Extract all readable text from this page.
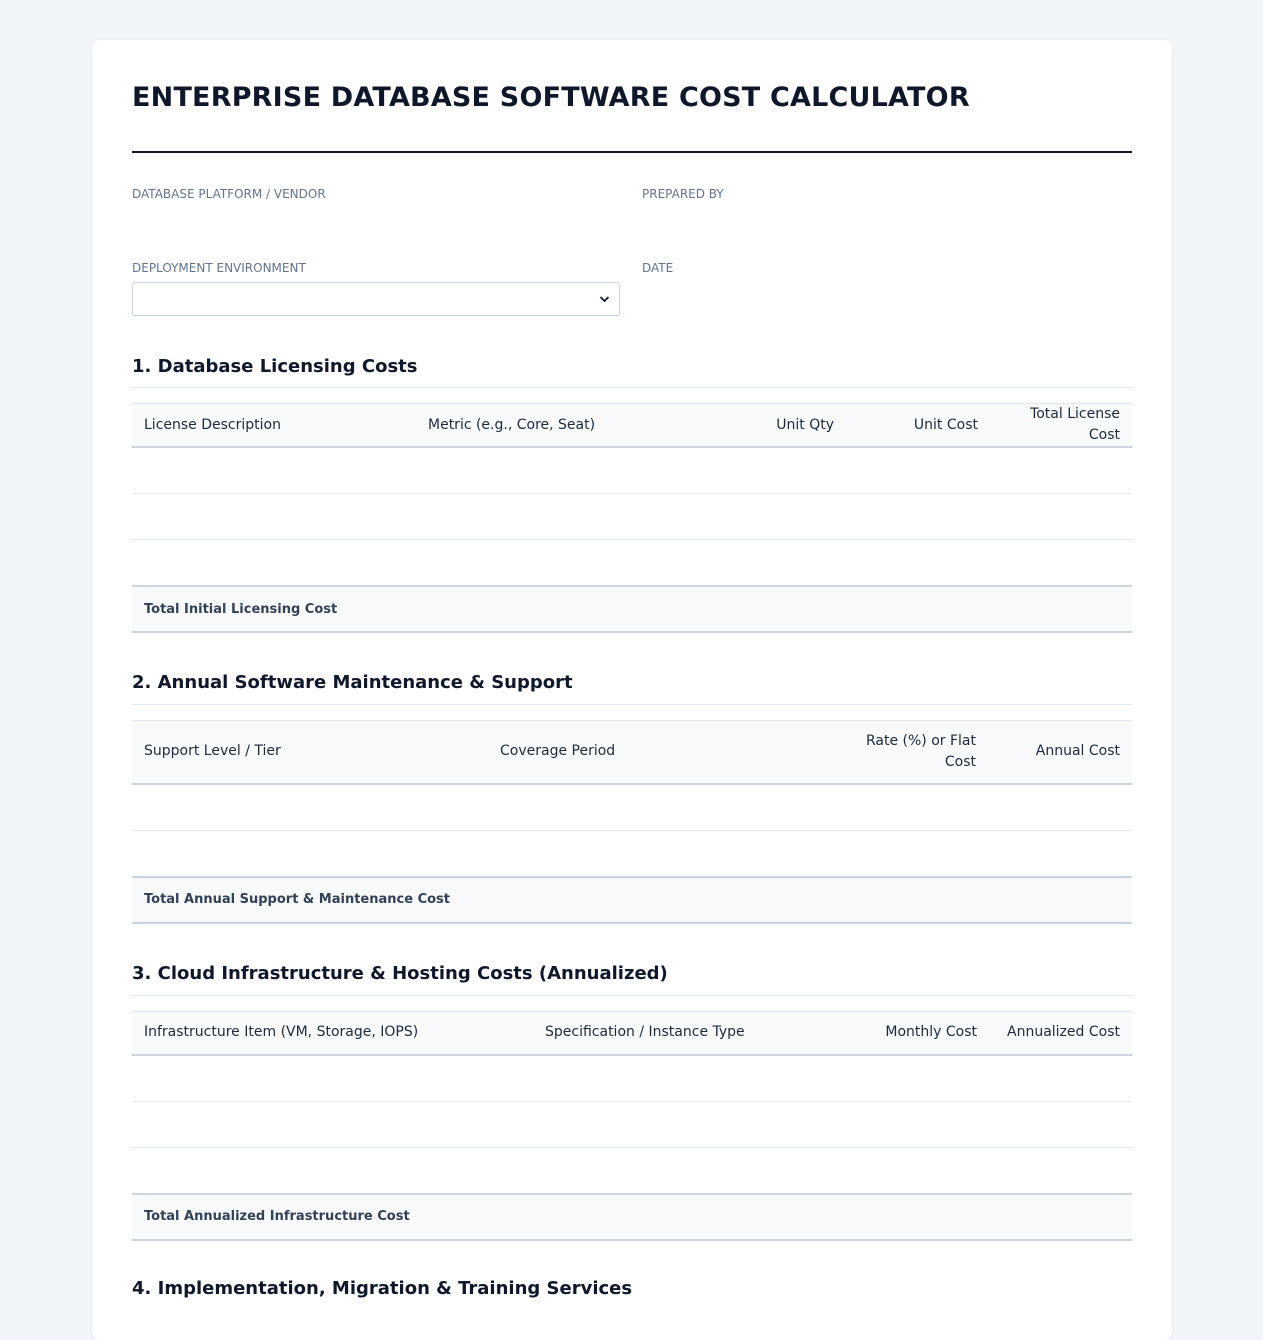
ENTERPRISE DATABASE SOFTWARE COST CALCULATOR
DATABASE PLATFORM / VENDOR	PREPARED BY
DEPLOYMENT ENVIRONMENT	DATE
1. Database Licensing Costs
License Description	Metric (e.g., Core, Seat)	Unit Qty	Unit Cost	Total License Cost

Total Initial Licensing Cost				
2. Annual Software Maintenance & Support
Support Level / Tier	Coverage Period	Rate (%) or Flat Cost	Annual Cost

Total Annual Support & Maintenance Cost			
3. Cloud Infrastructure & Hosting Costs (Annualized)
Infrastructure Item (VM, Storage, IOPS)	Specification / Instance Type	Monthly Cost	Annualized Cost

Total Annualized Infrastructure Cost			
4. Implementation, Migration & Training Services
